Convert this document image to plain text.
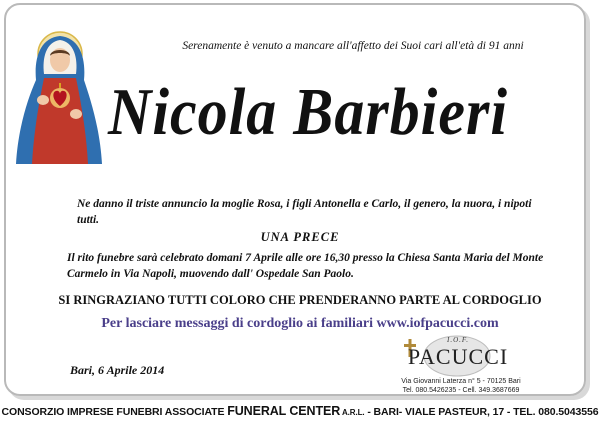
Serenamente è venuto a mancare all'affetto dei Suoi cari all'età di 91 anni
Nicola Barbieri
Ne danno il triste annuncio la moglie Rosa, i figli Antonella e Carlo, il genero, la nuora, i nipoti tutti.
UNA PRECE
Il rito funebre sarà celebrato domani 7 Aprile alle ore 16,30 presso la Chiesa Santa Maria del Monte Carmelo in Via Napoli, muovendo dall' Ospedale San Paolo.
SI RINGRAZIANO TUTTI COLORO CHE PRENDERANNO PARTE AL CORDOGLIO
Per lasciare messaggi di cordoglio ai familiari www.iofpacucci.com
Bari, 6 Aprile 2014
I.O.F.
PACUCCI
Via Giovanni Laterza n° 5 - 70125 Bari
Tel. 080.5426235 - Cell. 349.3687669
CONSORZIO IMPRESE FUNEBRI ASSOCIATE FUNERAL CENTER A.R.L. - BARI- VIALE PASTEUR, 17 - TEL. 080.5043556
